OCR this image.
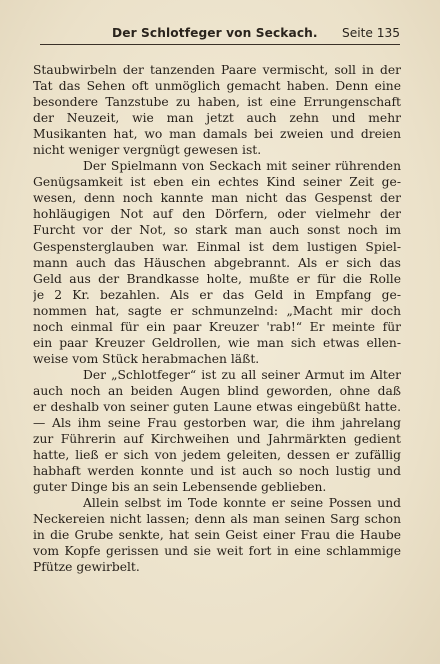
Der Schlotfeger von Seckach. Seite 135
Staubwirbeln der tanzenden Paare vermischt, soll in der
Tat das Sehen oft unmöglich gemacht haben. Denn eine
besondere Tanzstube zu haben, ist eine Errungenschaft
der Neuzeit, wie man jetzt auch zehn und mehr
Musikanten hat, wo man damals bei zweien und dreien
nicht weniger vergnügt gewesen ist.
Der Spielmann von Seckach mit seiner rührenden
Genügsamkeit ist eben ein echtes Kind seiner Zeit ge-
wesen, denn noch kannte man nicht das Gespenst der
hohläugigen Not auf den Dörfern, oder vielmehr der
Furcht vor der Not, so stark man auch sonst noch im
Gespensterglauben war. Einmal ist dem lustigen Spiel-
mann auch das Häuschen abgebrannt. Als er sich das
Geld aus der Brandkasse holte, mußte er für die Rolle
je 2 Kr. bezahlen. Als er das Geld in Empfang ge-
nommen hat, sagte er schmunzelnd: „Macht mir doch
noch einmal für ein paar Kreuzer 'rab!“ Er meinte für
ein paar Kreuzer Geldrollen, wie man sich etwas ellen-
weise vom Stück herabmachen läßt.
Der „Schlotfeger“ ist zu all seiner Armut im Alter
auch noch an beiden Augen blind geworden, ohne daß
er deshalb von seiner guten Laune etwas eingebüßt hatte.
— Als ihm seine Frau gestorben war, die ihm jahrelang
zur Führerin auf Kirchweihen und Jahrmärkten gedient
hatte, ließ er sich von jedem geleiten, dessen er zufällig
habhaft werden konnte und ist auch so noch lustig und
guter Dinge bis an sein Lebensende geblieben.
Allein selbst im Tode konnte er seine Possen und
Neckereien nicht lassen; denn als man seinen Sarg schon
in die Grube senkte, hat sein Geist einer Frau die Haube
vom Kopfe gerissen und sie weit fort in eine schlammige
Pfütze gewirbelt.
